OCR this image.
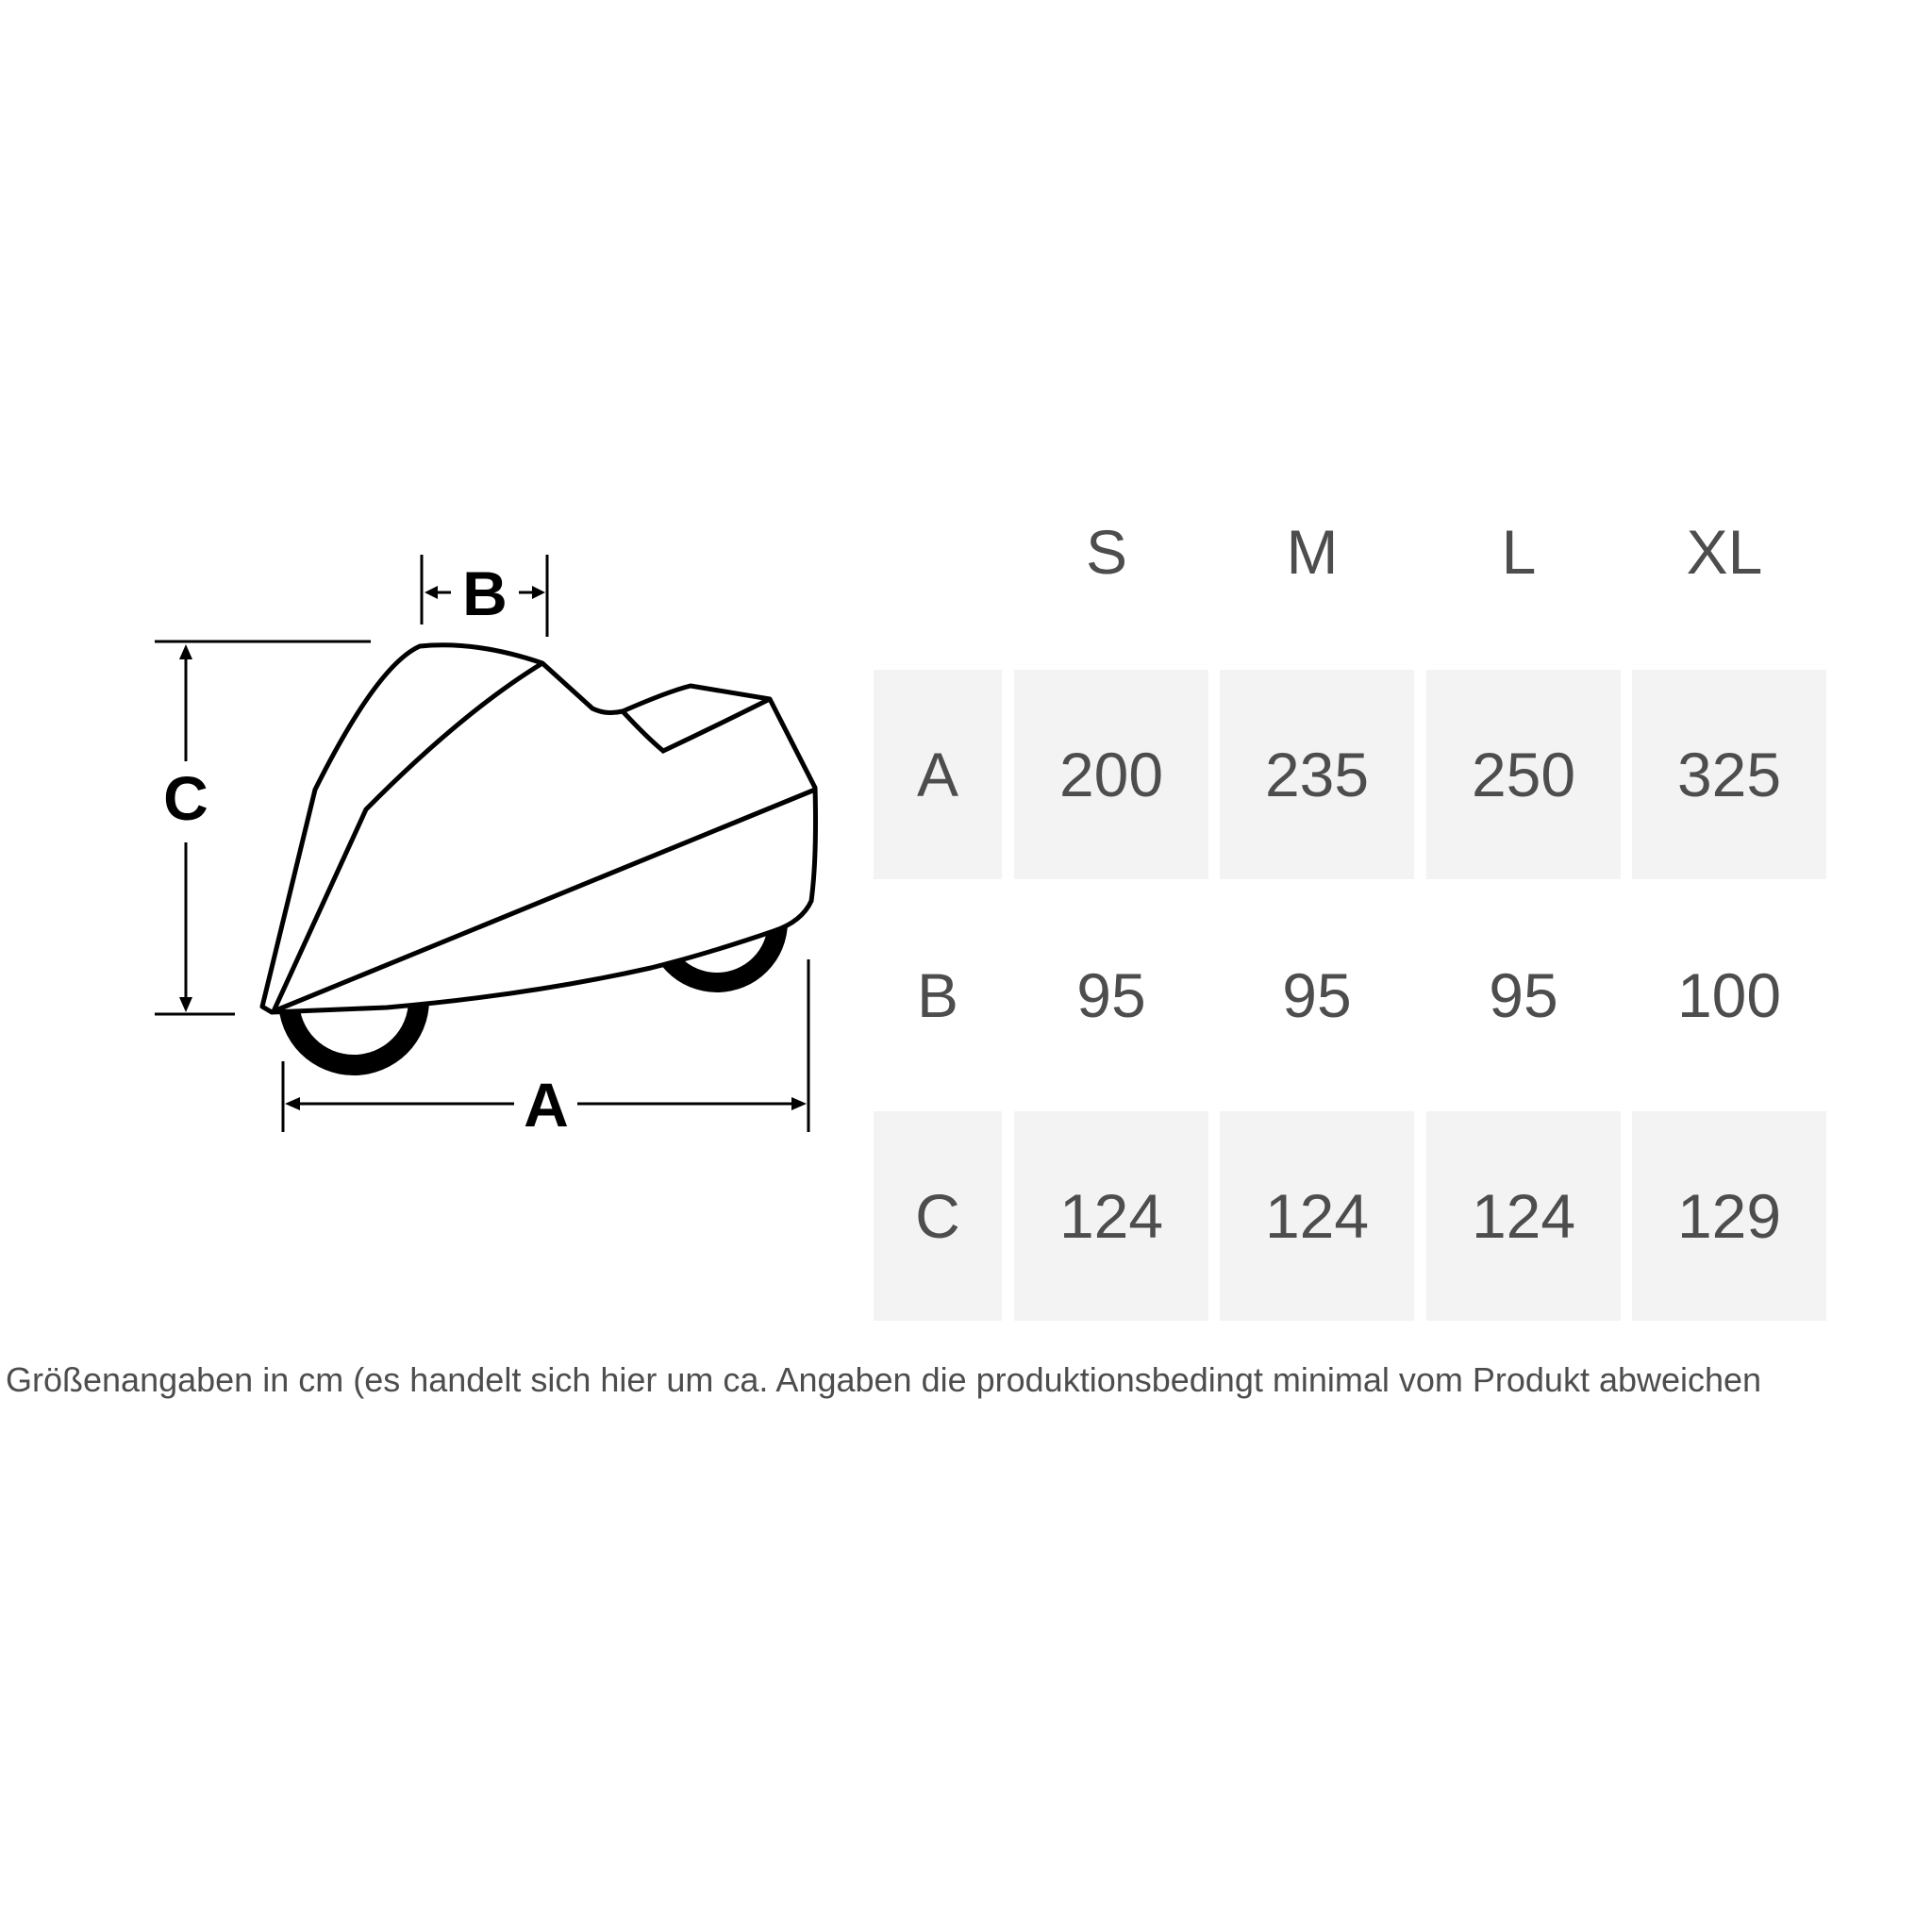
C
B
A
S	M	L	XL
A	200	235	250	325
B	95	95	95	100
C	124	124	124	129
Größenangaben in cm (es handelt sich hier um ca. Angaben die produktionsbedingt minimal vom Produkt abweichen
